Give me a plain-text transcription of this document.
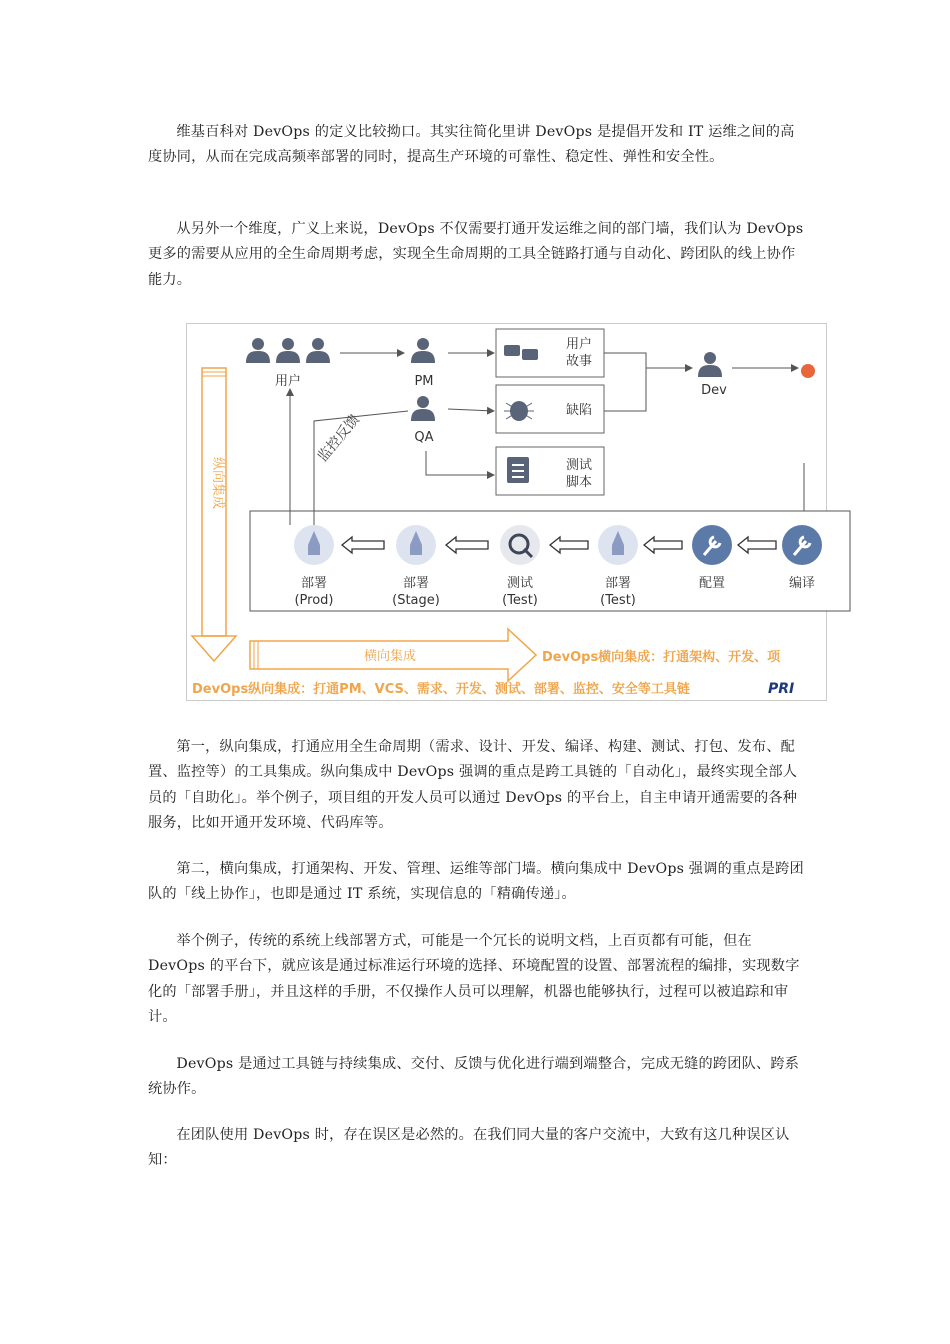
维基百科对 DevOps 的定义比较拗口。其实往简化里讲 DevOps 是提倡开发和 IT 运维之间的高度协同，从而在完成高频率部署的同时，提高生产环境的可靠性、稳定性、弹性和安全性。

从另外一个维度，广义上来说，DevOps 不仅需要打通开发运维之间的部门墙，我们认为 DevOps 更多的需要从应用的全生命周期考虑，实现全生命周期的工具全链路打通与自动化、跨团队的线上协作能力。

纵向集成
用户	PM
QA
用户
故事
缺陷
测试
脚本
Dev
监控反馈
部署
(Prod)
部署
(Stage)
测试
(Test)
部署
(Test)
配置	编译
横向集成	DevOps横向集成：打通架构、开发、项
DevOps纵向集成：打通PM、VCS、需求、开发、测试、部署、监控、安全等工具链	PRI

第一，纵向集成，打通应用全生命周期（需求、设计、开发、编译、构建、测试、打包、发布、配置、监控等）的工具集成。纵向集成中 DevOps 强调的重点是跨工具链的「自动化」，最终实现全部人员的「自助化」。举个例子，项目组的开发人员可以通过 DevOps 的平台上，自主申请开通需要的各种服务，比如开通开发环境、代码库等。

第二，横向集成，打通架构、开发、管理、运维等部门墙。横向集成中 DevOps 强调的重点是跨团队的「线上协作」，也即是通过 IT 系统，实现信息的「精确传递」。

举个例子，传统的系统上线部署方式，可能是一个冗长的说明文档，上百页都有可能，但在 DevOps 的平台下，就应该是通过标准运行环境的选择、环境配置的设置、部署流程的编排，实现数字化的「部署手册」，并且这样的手册，不仅操作人员可以理解，机器也能够执行，过程可以被追踪和审计。

DevOps 是通过工具链与持续集成、交付、反馈与优化进行端到端整合，完成无缝的跨团队、跨系统协作。

在团队使用 DevOps 时，存在误区是必然的。在我们同大量的客户交流中，大致有这几种误区认知：
